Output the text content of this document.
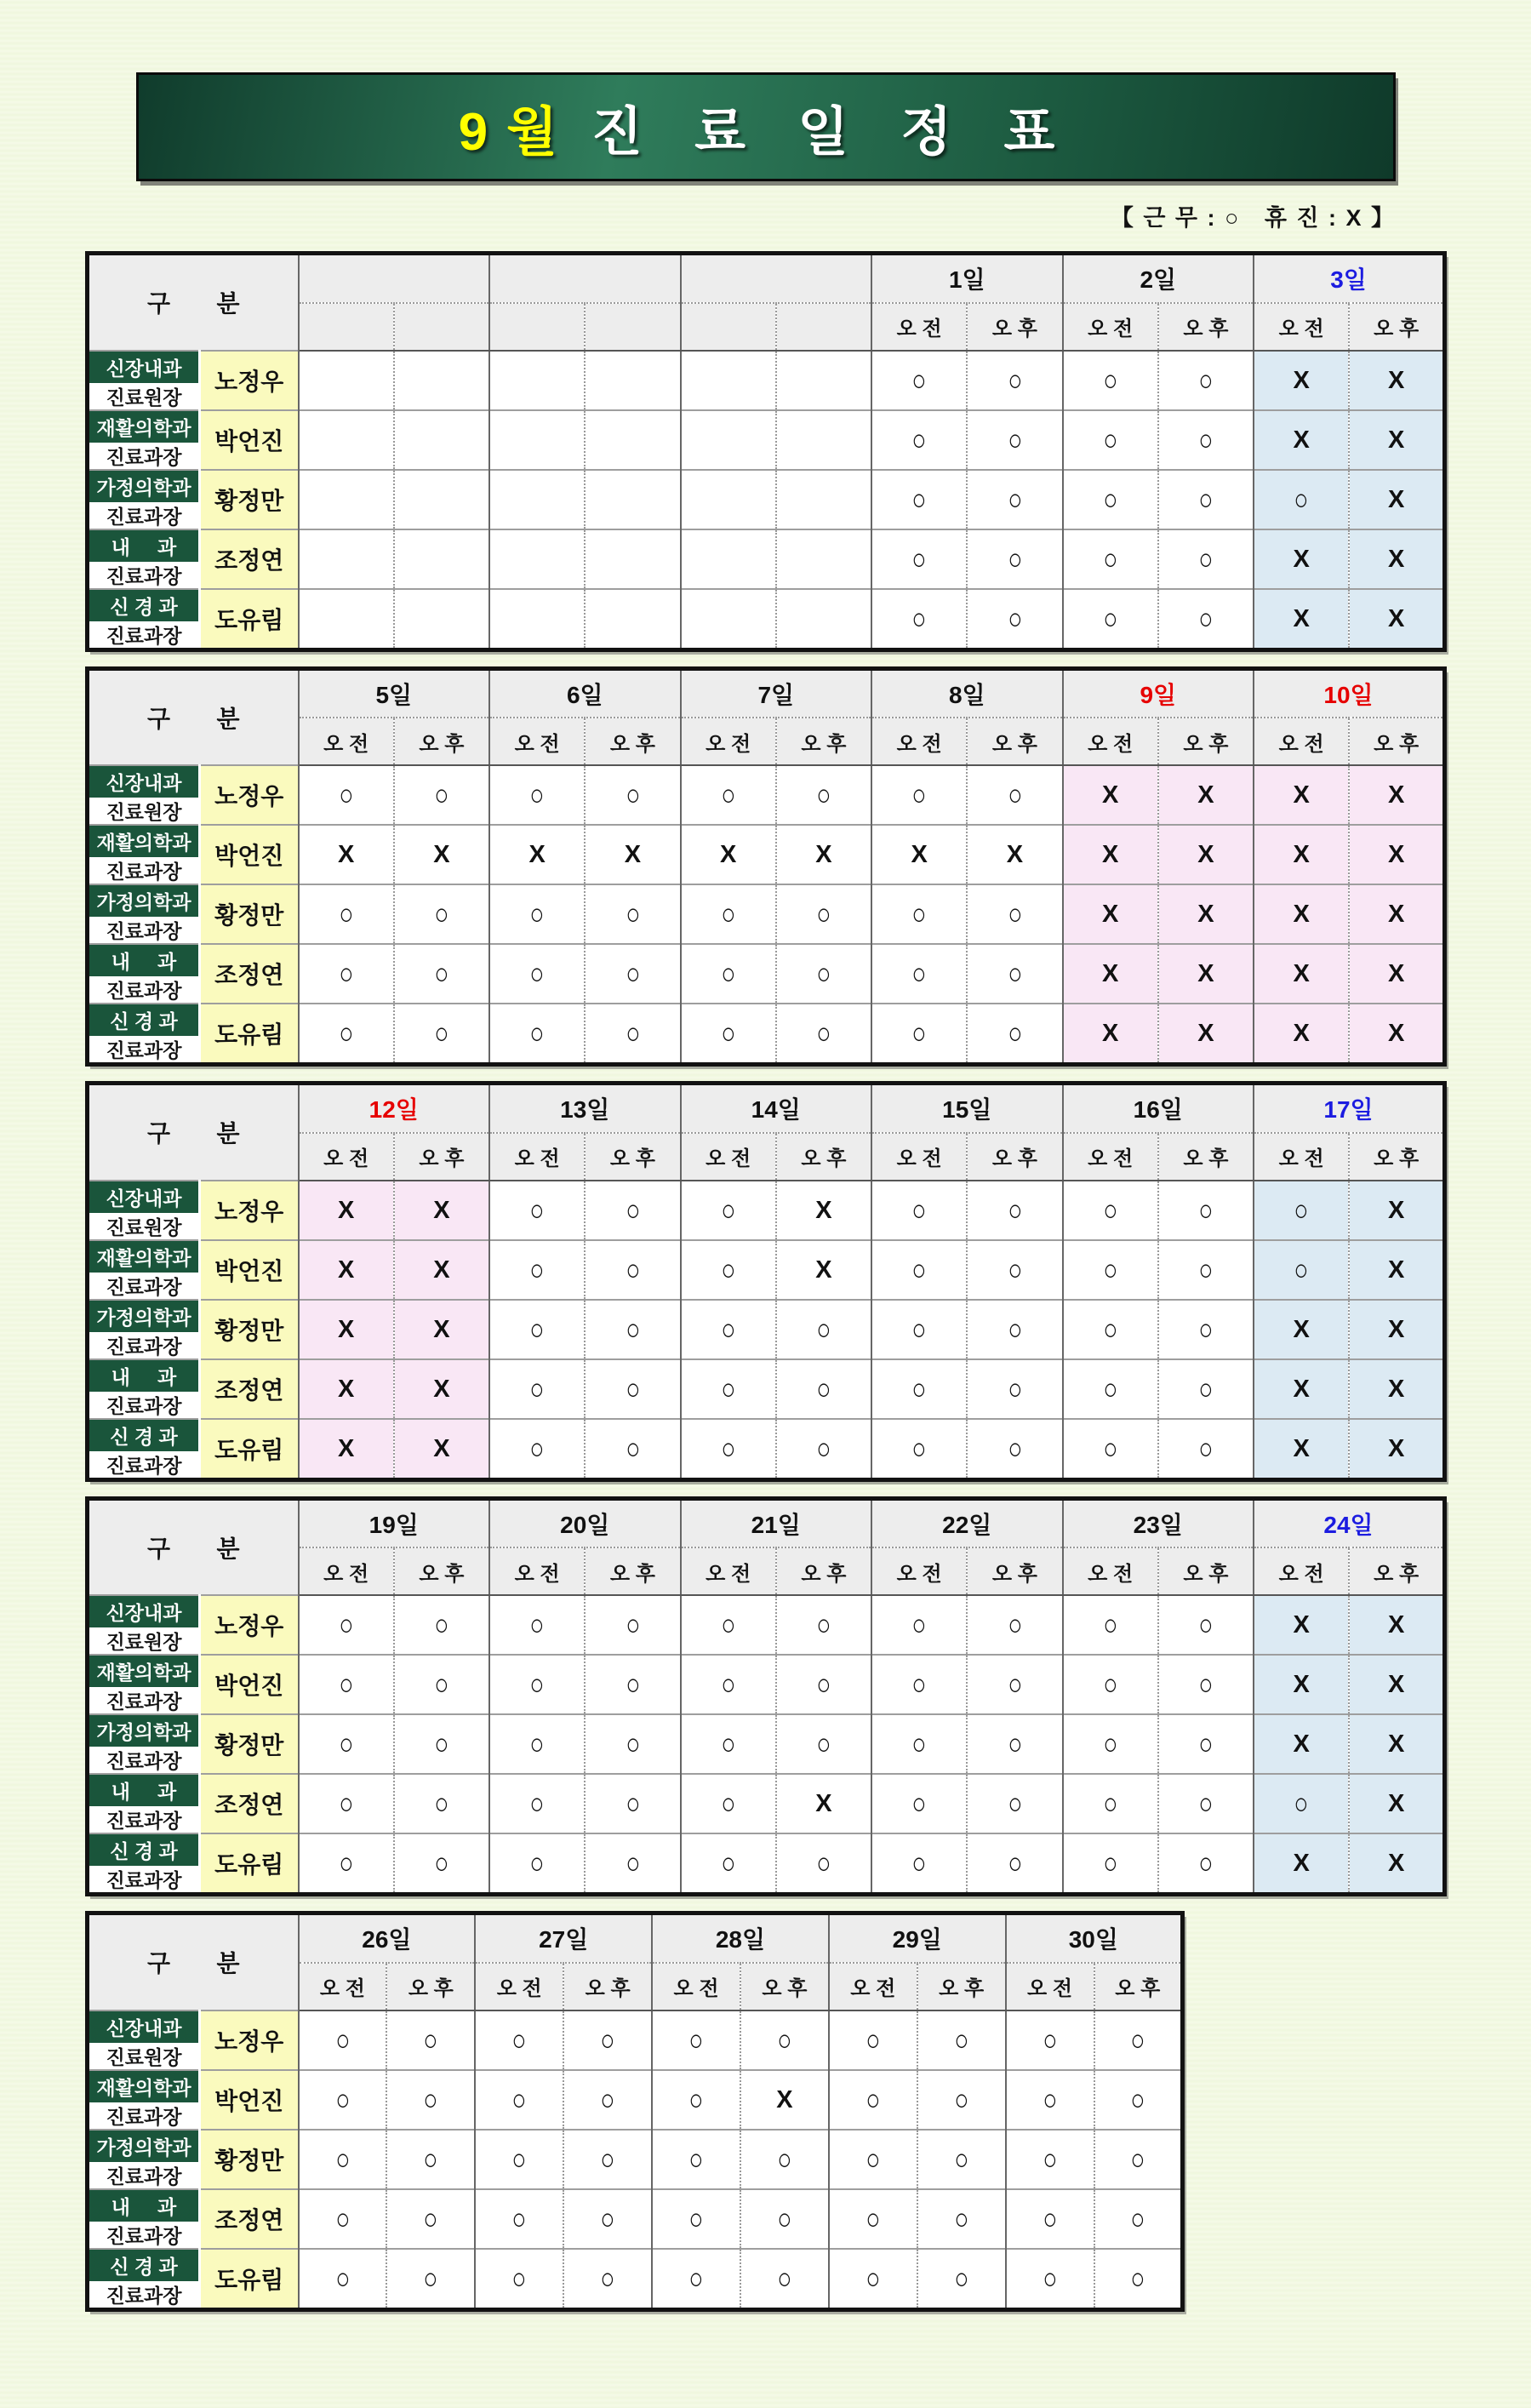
9월 진 료 일 정 표
【 근 무 : ○   휴 진 : X 】
구       분								1일		2일		3일	
								오 전	오 후	오 전	오 후	오 전	오 후

신장내과
진료원장	노정우							○	○	○	○	X	X

재활의학과
진료과장	박언진							○	○	○	○	X	X

가정의학과
진료과장	황정만							○	○	○	○	○	X

내     과
진료과장	조정연							○	○	○	○	X	X

신 경 과
진료과장	도유림							○	○	○	○	X	X
구       분		5일		6일		7일		8일		9일		10일	
		오 전	오 후	오 전	오 후	오 전	오 후	오 전	오 후	오 전	오 후	오 전	오 후

신장내과
진료원장	노정우	○	○	○	○	○	○	○	○	X	X	X	X

재활의학과
진료과장	박언진	X	X	X	X	X	X	X	X	X	X	X	X

가정의학과
진료과장	황정만	○	○	○	○	○	○	○	○	X	X	X	X

내     과
진료과장	조정연	○	○	○	○	○	○	○	○	X	X	X	X

신 경 과
진료과장	도유림	○	○	○	○	○	○	○	○	X	X	X	X
구       분		12일		13일		14일		15일		16일		17일	
		오 전	오 후	오 전	오 후	오 전	오 후	오 전	오 후	오 전	오 후	오 전	오 후

신장내과
진료원장	노정우	X	X	○	○	○	X	○	○	○	○	○	X

재활의학과
진료과장	박언진	X	X	○	○	○	X	○	○	○	○	○	X

가정의학과
진료과장	황정만	X	X	○	○	○	○	○	○	○	○	X	X

내     과
진료과장	조정연	X	X	○	○	○	○	○	○	○	○	X	X

신 경 과
진료과장	도유림	X	X	○	○	○	○	○	○	○	○	X	X
구       분		19일		20일		21일		22일		23일		24일	
		오 전	오 후	오 전	오 후	오 전	오 후	오 전	오 후	오 전	오 후	오 전	오 후

신장내과
진료원장	노정우	○	○	○	○	○	○	○	○	○	○	X	X

재활의학과
진료과장	박언진	○	○	○	○	○	○	○	○	○	○	X	X

가정의학과
진료과장	황정만	○	○	○	○	○	○	○	○	○	○	X	X

내     과
진료과장	조정연	○	○	○	○	○	X	○	○	○	○	○	X

신 경 과
진료과장	도유림	○	○	○	○	○	○	○	○	○	○	X	X
구       분		26일		27일		28일		29일		30일	
		오 전	오 후	오 전	오 후	오 전	오 후	오 전	오 후	오 전	오 후

신장내과
진료원장	노정우	○	○	○	○	○	○	○	○	○	○

재활의학과
진료과장	박언진	○	○	○	○	○	X	○	○	○	○

가정의학과
진료과장	황정만	○	○	○	○	○	○	○	○	○	○

내     과
진료과장	조정연	○	○	○	○	○	○	○	○	○	○

신 경 과
진료과장	도유림	○	○	○	○	○	○	○	○	○	○
